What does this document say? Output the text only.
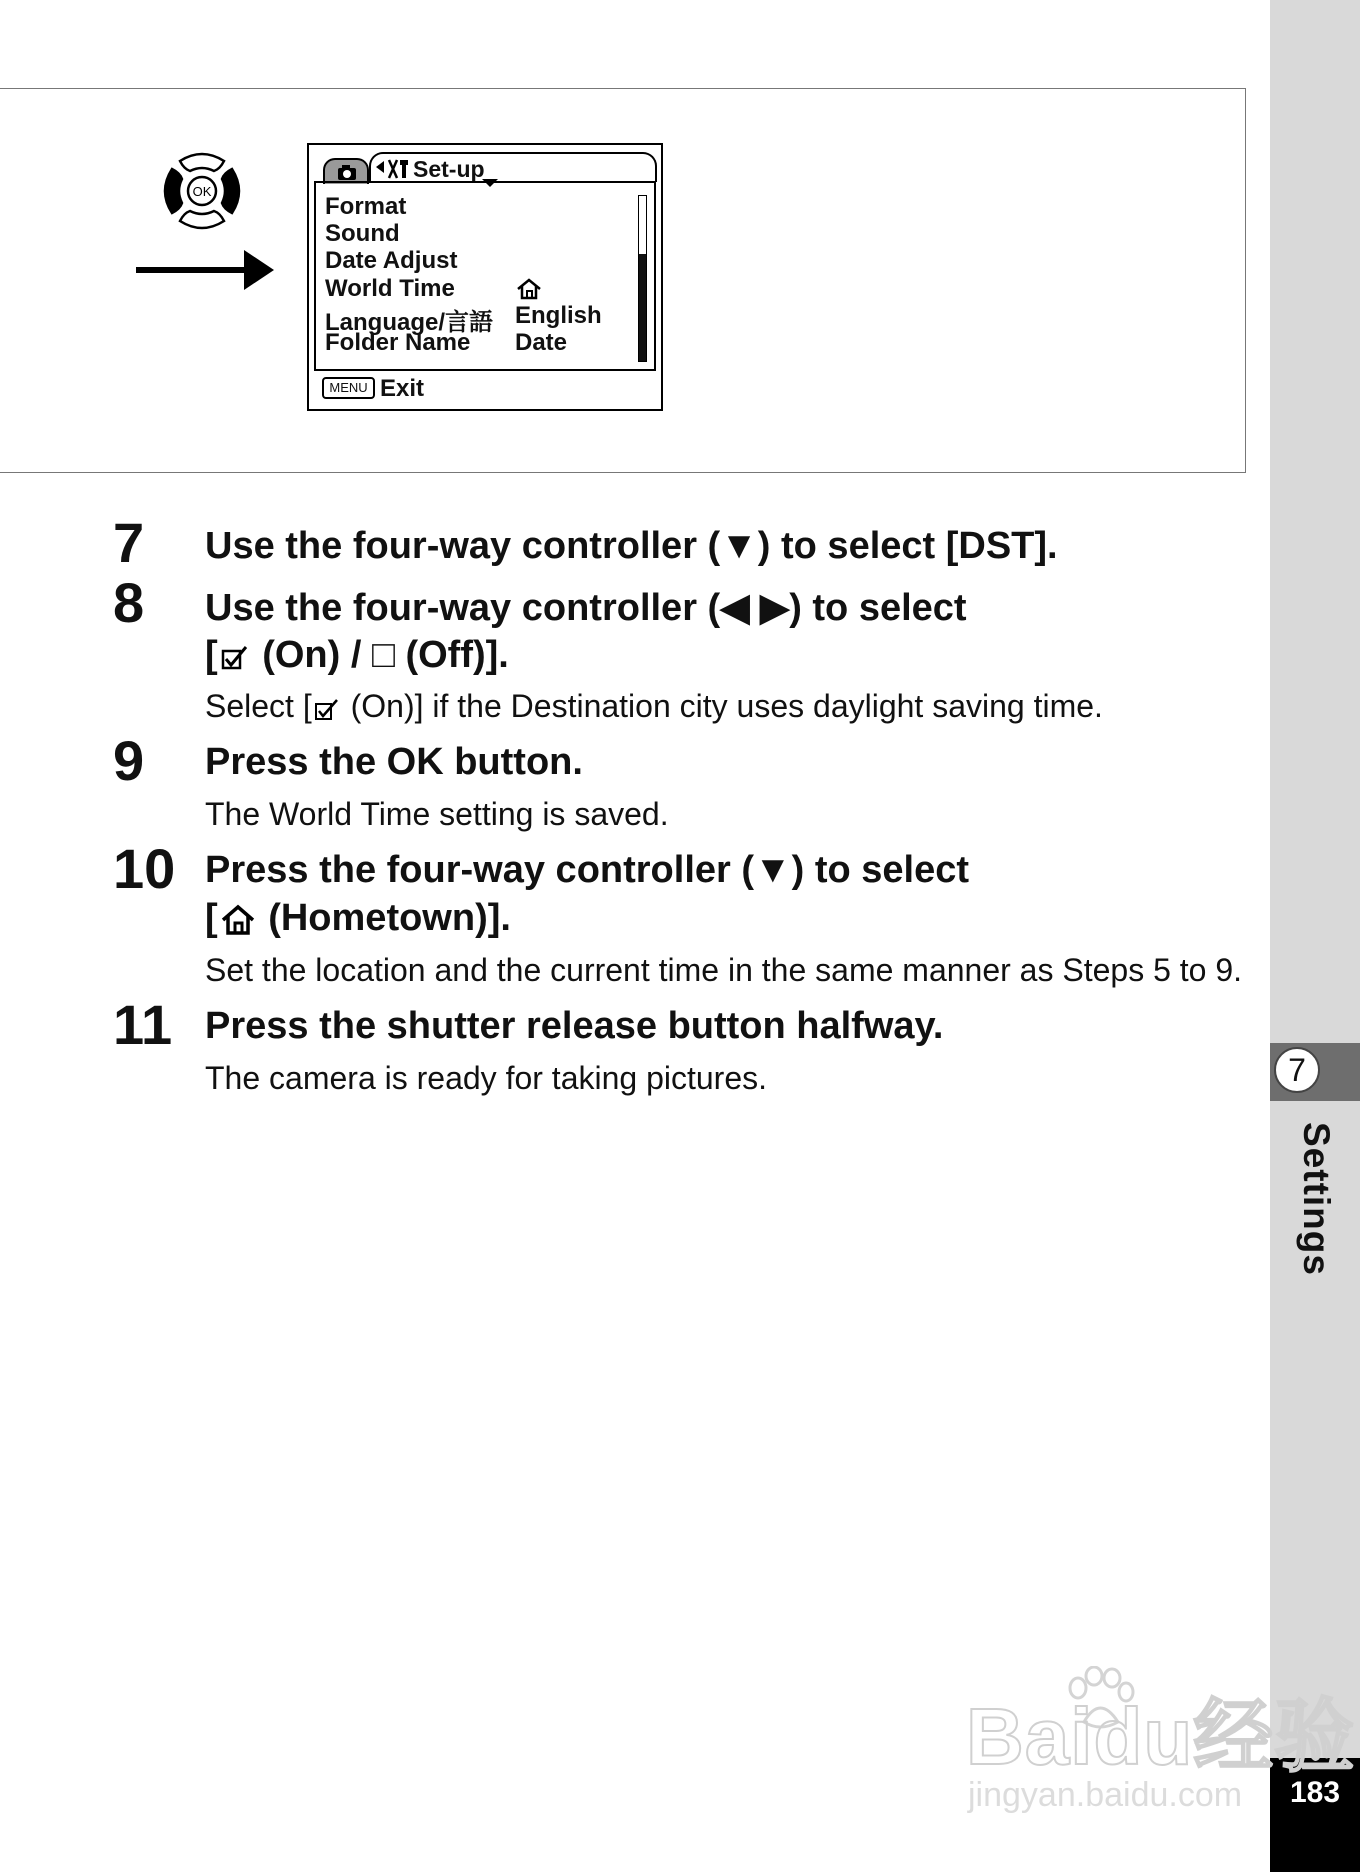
7
Settings
183
OK
Set-up
Format
Sound
Date Adjust
World Time
Language/言語 English
Folder Name Date
MENU Exit
7 Use the four-way controller (▼) to select [DST].
8 Use the four-way controller (◀ ▶) to select
[ (On) / □ (Off)].
Select [ (On)] if the Destination city uses daylight saving time.
9 Press the OK button.
The World Time setting is saved.
10 Press the four-way controller (▼) to select
[ (Hometown)].
Set the location and the current time in the same manner as Steps 5 to 9.
11 Press the shutter release button halfway.
The camera is ready for taking pictures.
Baidu经验
jingyan.baidu.com
